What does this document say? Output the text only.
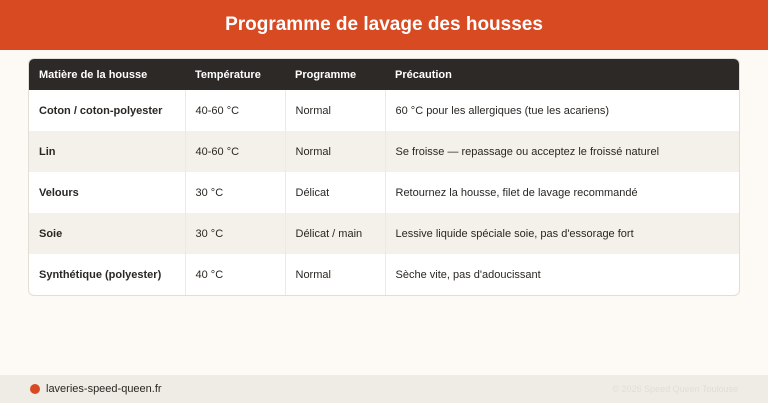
Programme de lavage des housses
Matière de la housse	Température	Programme	Précaution
Coton / coton-polyester	40-60 °C	Normal	60 °C pour les allergiques (tue les acariens)
Lin	40-60 °C	Normal	Se froisse — repassage ou acceptez le froissé naturel
Velours	30 °C	Délicat	Retournez la housse, filet de lavage recommandé
Soie	30 °C	Délicat / main	Lessive liquide spéciale soie, pas d'essorage fort
Synthétique (polyester)	40 °C	Normal	Sèche vite, pas d'adoucissant
laveries-speed-queen.fr	© 2026 Speed Queen Toulouse
